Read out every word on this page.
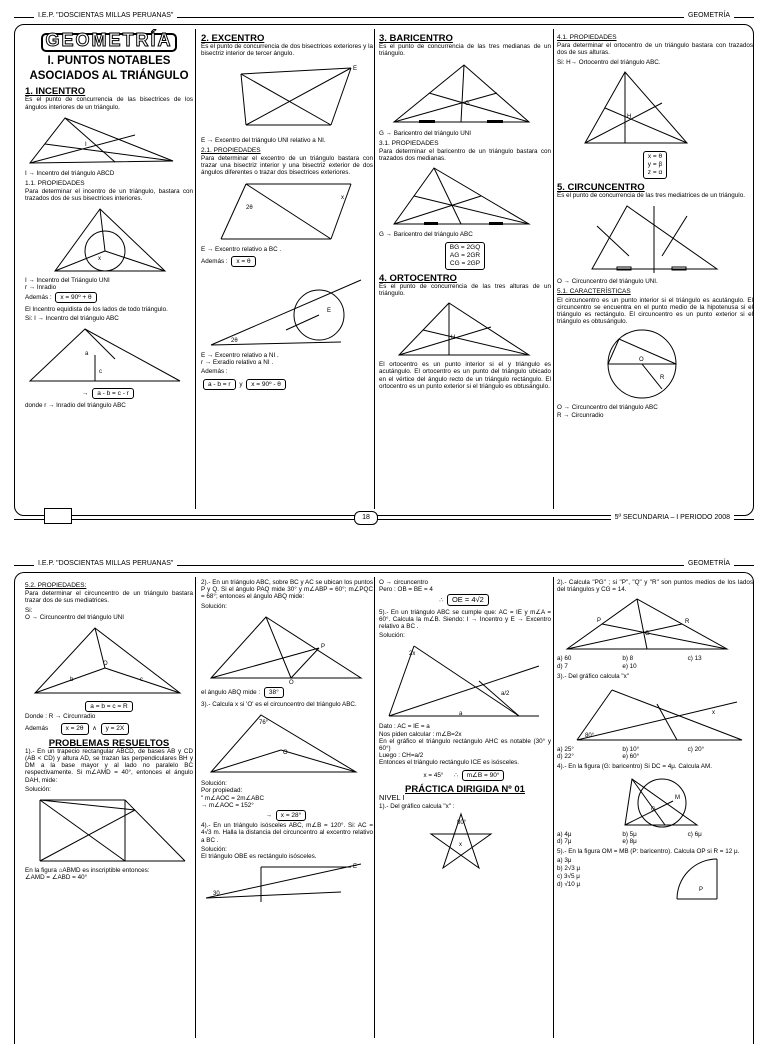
I.E.P. "DOSCIENTAS MILLAS PERUANAS"	GEOMETRÍA
GEOMETRÍA
I. PUNTOS NOTABLES ASOCIADOS AL TRIÁNGULO
1. INCENTRO

Es el punto de concurrencia de las bisectrices de los ángulos interiores de un triángulo.

I

I → Incentro del triángulo ABCD

1.1. PROPIEDADES

Para determinar el incentro de un triángulo, bastara con trazados dos de sus bisectrices interiores.

x

I → Incentro del Triángulo UNI

r → Inradio

Además : x = 90º + θ

El Incentro equidista de los lados de todo triángulo.

Si: I → Incentro del triángulo ABC

a
c

→ a - b = c - r

donde r → Inradio del triángulo ABC

2. EXCENTRO

Es el punto de concurrencia de dos bisectrices exteriores y la bisectriz interior de tercer ángulo.

E

E → Excentro del triángulo UNI relativo a NI.

2.1. PROPIEDADES

Para determinar el excentro de un triángulo bastara con trazar una bisectriz interior y una bisectriz exterior de dos ángulos diferentes o trazar dos bisectrices exteriores.

2θ
x

E → Excentro relativo a BC .

Además : x = θ

2θ
E

E → Excentro relativo a NI .

r → Exradio relativo a NI .

Además :

a - b = r y x = 90º - θ

3. BARICENTRO

Es el punto de concurrencia de las tres medianas de un triángulo.

G

G → Baricentro del triángulo UNI

3.1. PROPIEDADES

Para determinar el baricentro de un triángulo bastara con trazados dos medianas.

G → Baricentro del triángulo ABC

BG = 2GQ
AG = 2GR
CG = 2GP
4. ORTOCENTRO

Es el punto de concurrencia de las tres alturas de un triángulo.

H

El ortocentro es un punto interior si el y triángulo es acutángulo. El ortocentro es un punto del triángulo ubicado en el vértice del ángulo recto de un triángulo rectángulo. El ortocentro es un punto exterior si el triángulo es obtusángulo.

4.1. PROPIEDADES

Para determinar el ortocentro de un triángulo bastara con trazados dos de sus alturas.

Si: H→ Ortocentro del triángulo ABC.

H
x = θ
y = β
z = α
5. CIRCUNCENTRO

Es el punto de concurrencia de las tres mediatrices de un triángulo.

O → Circuncentro del triángulo UNI.

5.1. CARACTERÍSTICAS

El circuncentro es un punto interior si el triángulo es acutángulo. El circuncentro se encuentra en el punto medio de la hipotenusa si el triángulo es rectángulo. El circuncentro es un punto exterior si el triángulo es obtusángulo.

O
R

O → Circuncentro del triángulo ABC

R → Circunradio

18	5º SECUNDARIA – I PERIODO 2008
I.E.P. "DOSCIENTAS MILLAS PERUANAS"	GEOMETRÍA
5.2. PROPIEDADES:

Para determinar el circuncentro de un triángulo bastara trazar dos de sus mediatrices.

Si:

O → Circuncentro del triángulo UNI

O
b	c
a = b = c = R

Donde : R → Circunradio

Además	x = 2θ ∧ y = 2X

PROBLEMAS RESUELTOS

1).- En un trapecio rectangular ABCD, de bases AB y CD (AB < CD) y altura AD, se trazan las perpendiculares BH y DM a la base mayor y al lado no paralelo BC respectivamente. Si m∠AMD = 40°, entonces el ángulo DAH, mide:

Solución:

En la figura ⌂ABMD es inscriptible entonces:

∠AMD = ∠ABD = 40°

2).- En un triángulo ABC, sobre BC y AC se ubican los puntos P y Q. Si el ángulo PAQ mide 30° y m∠ABP = 60°; m∠PQC = 68°; entonces el ángulo ABQ mide:

Solución:

P
Q

el ángulo ABQ mide : 38°

3).- Calcula x si 'O' es el circuncentro del triángulo ABC.

76°
O

Solución:

Por propiedad:

" m∠AOC = 2m∠ABC

→ m∠AOC = 152°

→ x = 28°

4).- En un triángulo isósceles ABC, m∠B = 120°. Si: AC = 4√3 m. Halla la distancia del circuncentro al excentro relativo a BC .

Solución:

El triángulo OBE es rectángulo isósceles.

30
E

O → circuncentro

Pero : OB = BE = 4

∴ OE = 4√2

5).- En un triángulo ABC se cumple que: AC = IE y m∠A = 60°. Calcula la m∠B. Siendo: I → Incentro y E → Excentro relativo a BC .

Solución:

2x
a
a/2

Dato : AC = IE = a

Nos piden calcular : m∠B=2x

En el gráfico el triángulo rectángulo AHC es notable (30° y 60°)

Luego : CH=a/2

Entonces el triángulo rectángulo ICE es isósceles.

x = 45° ∴ m∠B = 90°

PRÁCTICA DIRIGIDA Nº 01

NIVEL I

1).- Del gráfico calcula "x" :

80°
x

2).- Calcula "PG" ; si "P", "Q" y "R" son puntos medios de los lados del triángulos y CG = 14.

P	R
G
a) 60	b) 8	c) 13
d) 7	e) 10

3).- Del gráfico calcula "x"

80°
x
a) 25°	b) 10°	c) 20°
d) 22°	e) 60°

4).- En la figura (G: baricentro) Si DC = 4μ. Calcula AM.

M
G
a) 4μ	b) 5μ	c) 6μ
d) 7μ	e) 8μ

5).- En la figura OM = MB (P: baricentro). Calcula OP si R = 12 μ.

a) 3μ
b) 2√3 μ
c) 3√5 μ
d) √10 μ
P
